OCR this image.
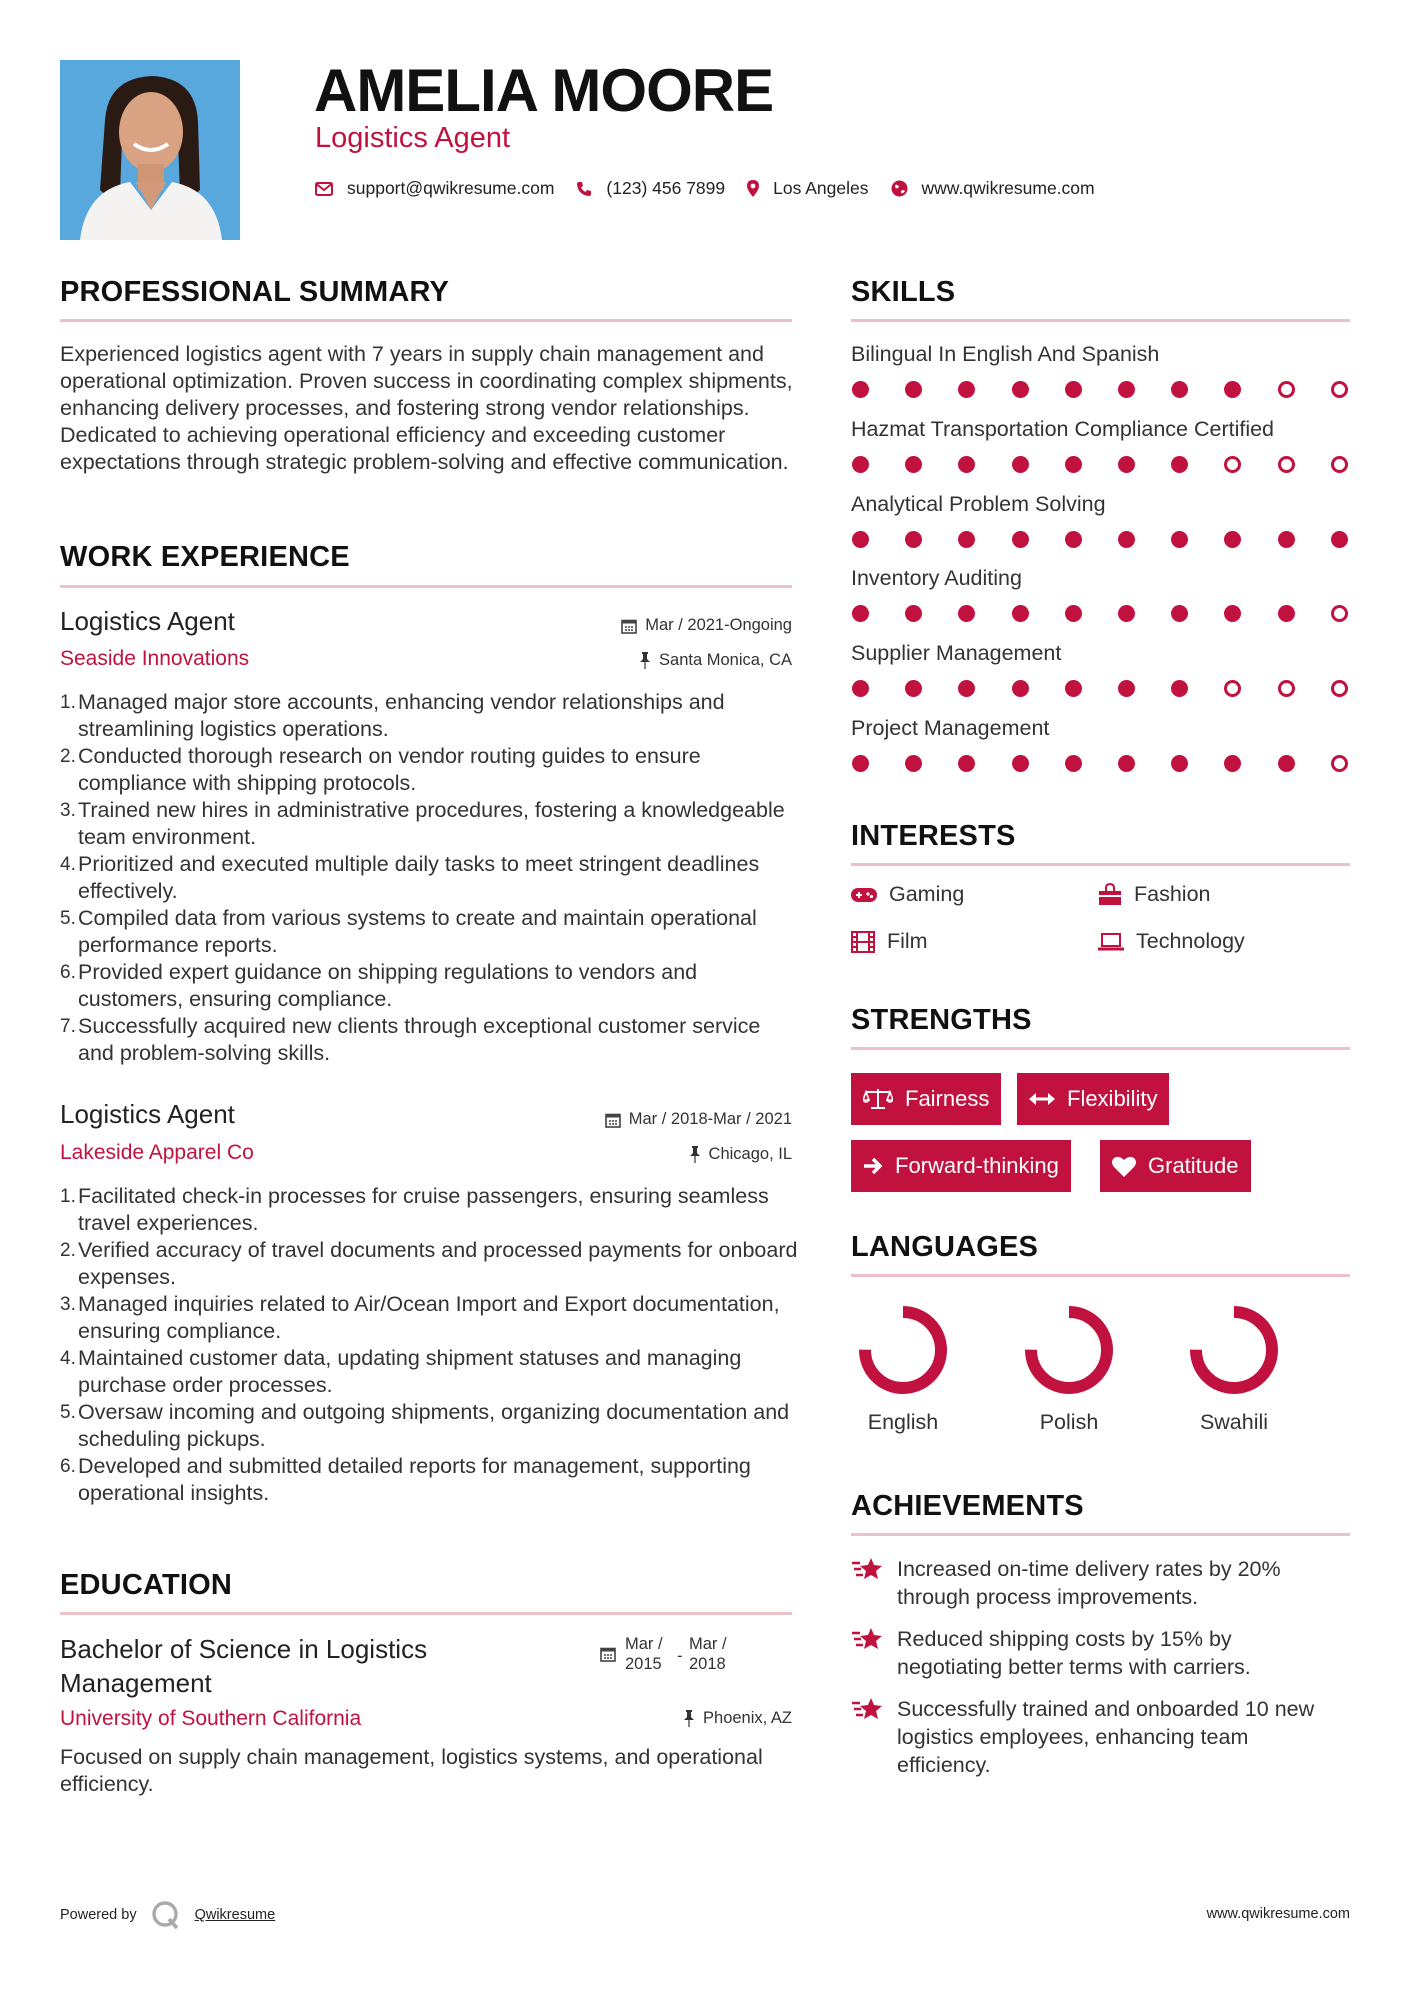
AMELIA MOORE
Logistics Agent
support@qwikresume.com	(123) 456 7899	Los Angeles	www.qwikresume.com
PROFESSIONAL SUMMARY
Experienced logistics agent with 7 years in supply chain management and operational optimization. Proven success in coordinating complex shipments, enhancing delivery processes, and fostering strong vendor relationships. Dedicated to achieving operational efficiency and exceeding customer expectations through strategic problem-solving and effective communication.
WORK EXPERIENCE
Logistics Agent	Mar / 2021-Ongoing
Seaside Innovations	Santa Monica, CA
Managed major store accounts, enhancing vendor relationships and streamlining logistics operations.
Conducted thorough research on vendor routing guides to ensure compliance with shipping protocols.
Trained new hires in administrative procedures, fostering a knowledgeable team environment.
Prioritized and executed multiple daily tasks to meet stringent deadlines effectively.
Compiled data from various systems to create and maintain operational performance reports.
Provided expert guidance on shipping regulations to vendors and customers, ensuring compliance.
Successfully acquired new clients through exceptional customer service and problem-solving skills.
Logistics Agent	Mar / 2018-Mar / 2021
Lakeside Apparel Co	Chicago, IL
Facilitated check-in processes for cruise passengers, ensuring seamless travel experiences.
Verified accuracy of travel documents and processed payments for onboard expenses.
Managed inquiries related to Air/Ocean Import and Export documentation, ensuring compliance.
Maintained customer data, updating shipment statuses and managing purchase order processes.
Oversaw incoming and outgoing shipments, organizing documentation and scheduling pickups.
Developed and submitted detailed reports for management, supporting operational insights.
EDUCATION
Bachelor of Science in Logistics Management
Mar / 2015 -
Mar / 2018
University of Southern California	Phoenix, AZ
Focused on supply chain management, logistics systems, and operational efficiency.
SKILLS
Bilingual In English And Spanish
Hazmat Transportation Compliance Certified
Analytical Problem Solving
Inventory Auditing
Supplier Management
Project Management
INTERESTS
Gaming	Fashion
Film	Technology
STRENGTHS
Fairness	Flexibility
Forward-thinking	Gratitude
LANGUAGES
English	Polish	Swahili
ACHIEVEMENTS
Increased on-time delivery rates by 20% through process improvements.
Reduced shipping costs by 15% by negotiating better terms with carriers.
Successfully trained and onboarded 10 new logistics employees, enhancing team efficiency.
Powered by	Qwikresume	www.qwikresume.com
